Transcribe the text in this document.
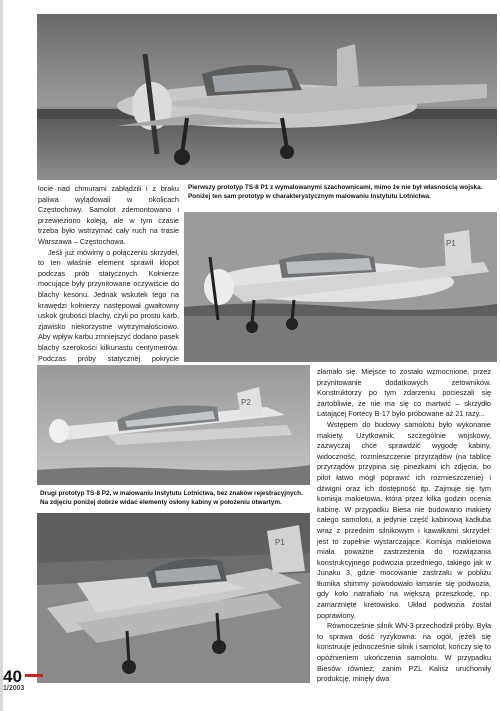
Pierwszy prototyp TS-8 P1 z wymalowanymi szachownicami, mimo że nie był własnością wojska. Poniżej ten sam prototyp w charakterystycznym malowaniu Instytutu Lotnictwa.
P1

locie nad chmurami zabłądzili i z braku paliwa wylądowali w okolicach Częstochowy. Samolot zdemontowano i przewieziono koleją, ale w tym czasie trzeba było wstrzymać cały ruch na trasie Warszawa – Częstochowa.

Jeśli już mówimy o połączeniu skrzydeł, to ten właśnie element sprawił kłopot podczas prób statycznych. Kołnierze mocujące były przynitowane oczywiście do blachy kesonu. Jednak wskutek tego na krawędzi kołnierzy następował gwałtowny uskok grubości blachy, czyli po prostu karb, zjawisko niekorzystne wytrzymałościowo. Aby wpływ karbu zmniejszyć dodano pasek blachy szerokości kilkunastu centymetrów. Podczas próby statycznej pokrycie

P2
Drugi prototyp TS-8 P2, w malowaniu Instytutu Lotnictwa, bez znaków rejestracyjnych. Na zdjęciu poniżej dobrze widać elementy osłony kabiny w położeniu otwartym.
P1

złamało się. Miejsce to zostało wzmocnione, przez przynitowanie dodatkowych zetowników. Konstruktorzy po tym zdarzeniu pocieszali się żartobliwie, że nie ma się co martwić – skrzydło Latającej Fortecy B-17 było próbowane aż 21 razy...

Wstępem do budowy samolotu było wykonanie makiety. Użytkownik, szczególnie wojskowy, zazwyczaj chce sprawdzić wygodę kabiny, widoczność, rozmieszczenie przyrządów (na tablicę przyrządów przypina się pinezkami ich zdjęcia, bo pilot łatwo mógł poprawić ich rozmieszczenie) i dźwigni oraz ich dostępność itp. Zajmuje się tym komisja makietowa, która przez kilka godzin ocenia kabinę. W przypadku Biesa nie budowano makiety całego samolotu, a jedynie część kabinową kadłuba wraz z przednim silnikowym i kawałkami skrzydeł: jest to zupełnie wystarczające. Komisja makietowa miała poważne zastrzeżenia do rozwiązania konstrukcyjnego podwozia przedniego, takiego jak w Junaku 3, gdzie mocowanie zastrzału w pobliżu tłumika shimmy powodowało łamanie się podwozia, gdy koło natrafiało na większą przeszkodę, np. zamarznięte kretowisko. Układ podwozia został poprawiony.

Równocześnie silnik WN-3 przechodził próby. Była to sprawa dość ryzykowna: na ogół, jeżeli się konstruuje jednocześnie silnik i samolot, kończy się to opóźnieniem ukończenia samolotu. W przypadku Biesów również; zanim PZL Kalisz uruchomiły produkcję, minęły dwa

40
1/2003
